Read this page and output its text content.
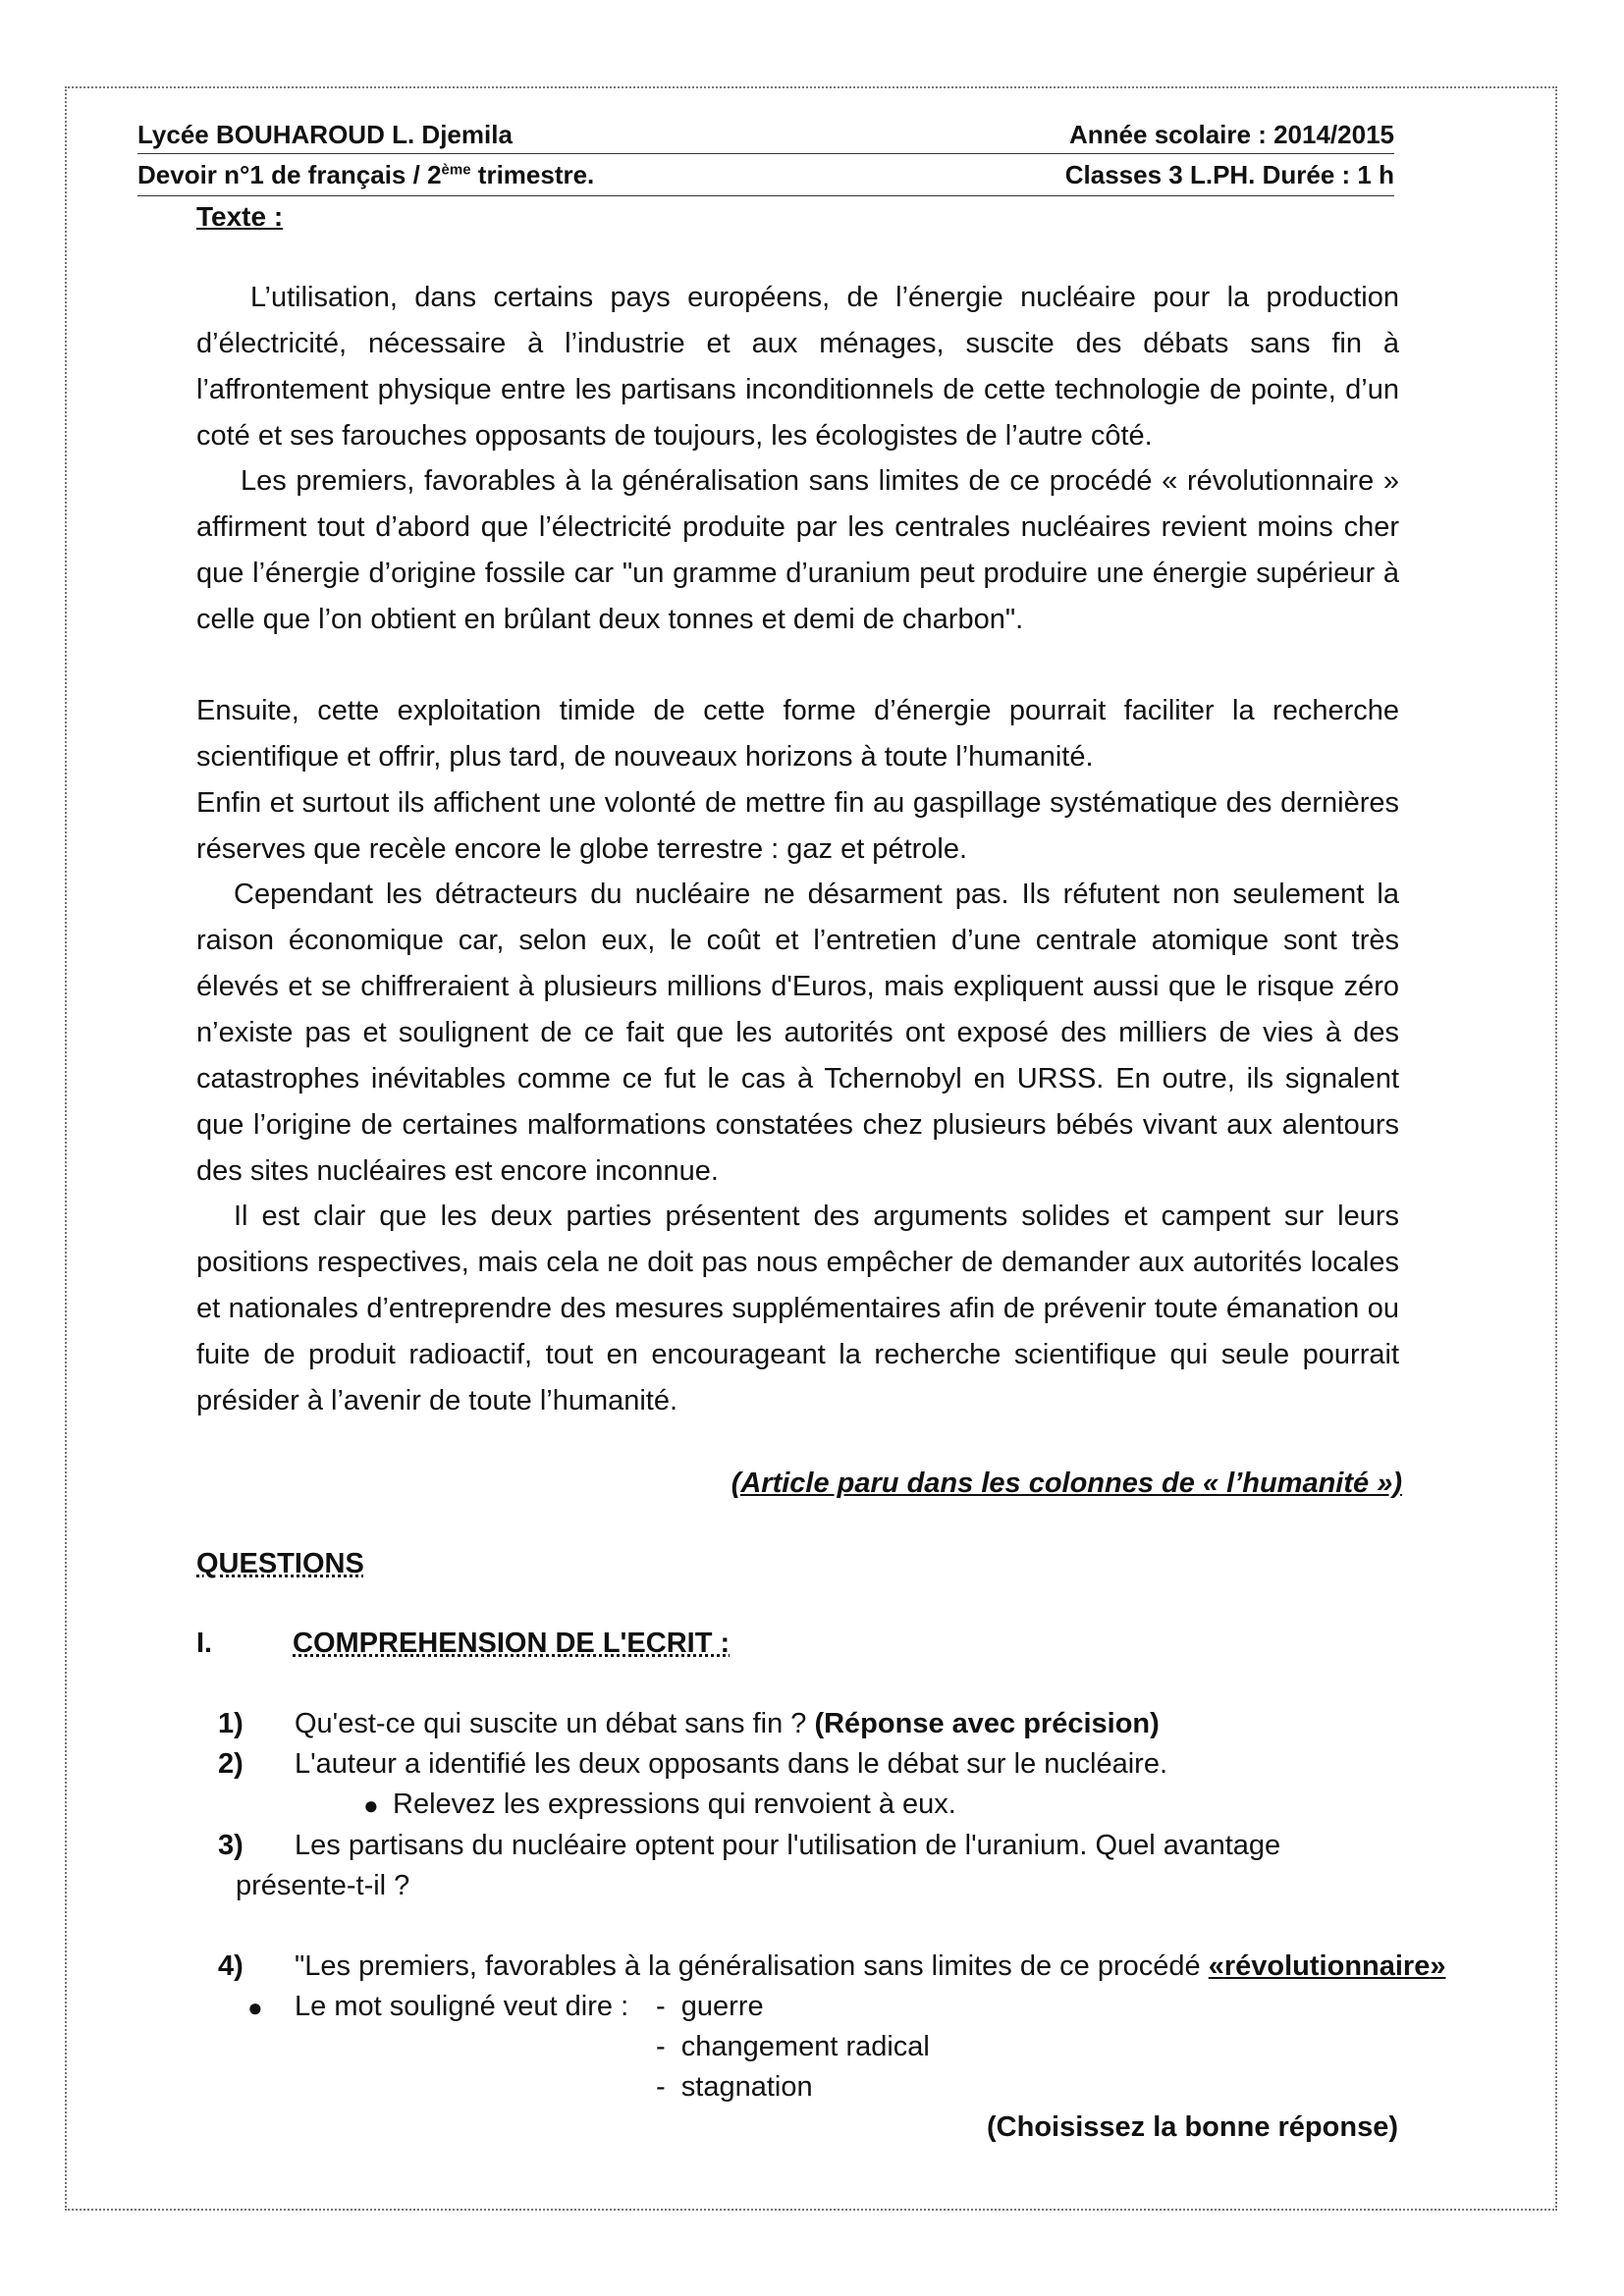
Lycée BOUHAROUD L. Djemila	Année scolaire : 2014/2015
Devoir n°1 de français / 2ème trimestre.	Classes 3 L.PH. Durée : 1 h
Texte :

L’utilisation, dans certains pays européens, de l’énergie nucléaire pour la production d’électricité, nécessaire à l’industrie et aux ménages, suscite des débats sans fin à l’affrontement physique entre les partisans inconditionnels de cette technologie de pointe, d’un coté et ses farouches opposants de toujours, les écologistes de l’autre côté.

Les premiers, favorables à la généralisation sans limites de ce procédé « révolutionnaire » affirment tout d’abord que l’électricité produite par les centrales nucléaires revient moins cher que l’énergie d’origine fossile car "un gramme d’uranium peut produire une énergie supérieur à celle que l’on obtient en brûlant deux tonnes et demi de charbon".

Ensuite, cette exploitation timide de cette forme d’énergie pourrait faciliter la recherche scientifique et offrir, plus tard, de nouveaux horizons à toute l’humanité.

Enfin et surtout ils affichent une volonté de mettre fin au gaspillage systématique des dernières réserves que recèle encore le globe terrestre : gaz et pétrole.

Cependant les détracteurs du nucléaire ne désarment pas. Ils réfutent non seulement la raison économique car, selon eux, le coût et l’entretien d’une centrale atomique sont très élevés et se chiffreraient à plusieurs millions d'Euros, mais expliquent aussi que le risque zéro n’existe pas et soulignent de ce fait que les autorités ont exposé des milliers de vies à des catastrophes inévitables comme ce fut le cas à Tchernobyl en URSS. En outre, ils signalent que l’origine de certaines malformations constatées chez plusieurs bébés vivant aux alentours des sites nucléaires est encore inconnue.

Il est clair que les deux parties présentent des arguments solides et campent sur leurs positions respectives, mais cela ne doit pas nous empêcher de demander aux autorités locales et nationales d’entreprendre des mesures supplémentaires afin de prévenir toute émanation ou fuite de produit radioactif, tout en encourageant la recherche scientifique qui seule pourrait présider à l’avenir de toute l’humanité.

(Article paru dans les colonnes de « l’humanité »)
QUESTIONS
I.	COMPREHENSION DE L'ECRIT :
1) Qu'est-ce qui suscite un débat sans fin ? (Réponse avec précision)
2) L'auteur a identifié les deux opposants dans le débat sur le nucléaire.
● Relevez les expressions qui renvoient à eux.
3) Les partisans du nucléaire optent pour l'utilisation de l'uranium. Quel avantage
présente-t-il ?
4) "Les premiers, favorables à la généralisation sans limites de ce procédé «révolutionnaire»
● Le mot souligné veut dire : -  guerre
-  changement radical
-  stagnation
(Choisissez la bonne réponse)
